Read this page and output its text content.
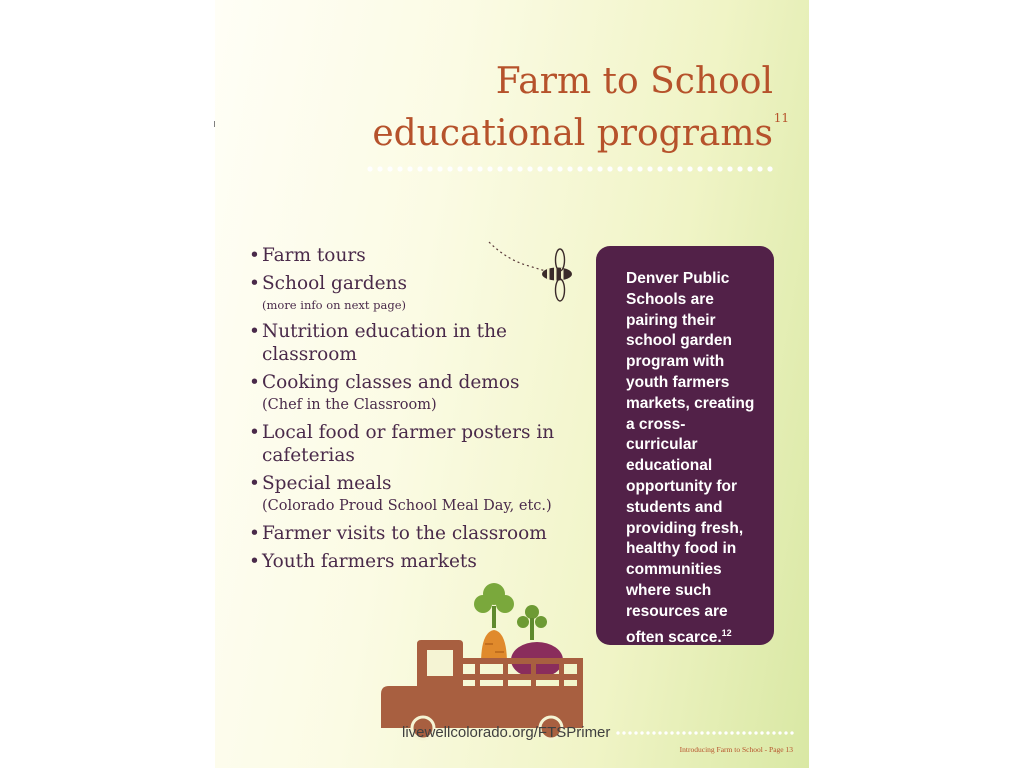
Farm to School
educational programs 11
• Farm tours
• School gardens
(more info on next page)
• Nutrition education in the classroom
• Cooking classes and demos
(Chef in the Classroom)
• Local food or farmer posters in cafeterias
• Special meals
(Colorado Proud School Meal Day, etc.)
• Farmer visits to the classroom
• Youth farmers markets
Denver Public Schools are pairing their school garden program with youth farmers markets, creating a cross-curricular educational opportunity for students and providing fresh, healthy food in communities where such resources are often scarce.$^{12}$
Introducing Farm to School - Page 13
livewellcolorado.org/FTSPrimer
